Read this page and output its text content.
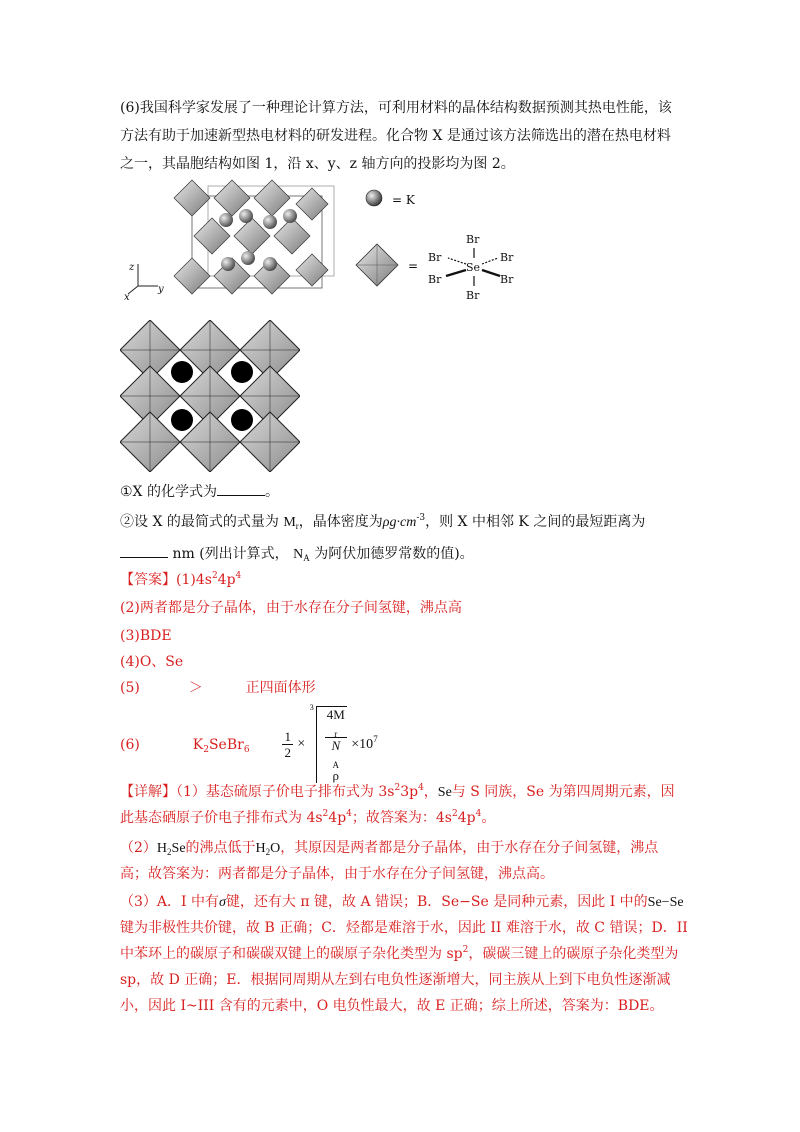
(6)我国科学家发展了一种理论计算方法，可利用材料的晶体结构数据预测其热电性能，该
方法有助于加速新型热电材料的研发进程。化合物 X 是通过该方法筛选出的潜在热电材料
之一，其晶胞结构如图 1，沿 x、y、z 轴方向的投影均为图 2。
z
x
y
= K
=
Br
Br	Br
Se
Br	Br
Br
①X 的化学式为	。
②设 X 的最简式的式量为 $M_r$，晶体密度为$\rho g\cdot cm^{-3}$，则 X 中相邻 K 之间的最短距离为
nm (列出计算式， $N_A$ 为阿伏加德罗常数的值)。
【答案】$(1)4s^24p^4$
(2)两者都是分子晶体，由于水存在分子间氢键，沸点高
(3)BDE
(4)O、Se
(5)	＞	正四面体形
(6)	$K_2SeBr_6$	$\frac{1}{2}$ ×
3 4M
$_r$
N
$_A$
$\rho \times 10^7$
【详解】（1）基态硫原子价电子排布式为 $3s^23p^4$，Se与 S 同族，Se 为第四周期元素，因
此基态硒原子价电子排布式为 $4s^24p^4$；故答案为：$4s^24p^4$。
$(2)H_2Se$的沸点低于$H_2O$，其原因是两者都是分子晶体，由于水存在分子间氢键，沸点
高；故答案为：两者都是分子晶体，由于水存在分子间氢键，沸点高。
（3）A．I 中有σ键，还有大 π 键，故 A 错误；B．Se−Se 是同种元素，因此 I 中的Se−Se
键为非极性共价键，故 B 正确；C．烃都是难溶于水，因此 II 难溶于水，故 C 错误；D．II
中苯环上的碳原子和碳碳双键上的碳原子杂化类型为 $sp^2$，碳碳三键上的碳原子杂化类型为
sp，故 D 正确；E．根据同周期从左到右电负性逐渐增大，同主族从上到下电负性逐渐减
小，因此 I~III 含有的元素中，O 电负性最大，故 E 正确；综上所述，答案为：BDE。
